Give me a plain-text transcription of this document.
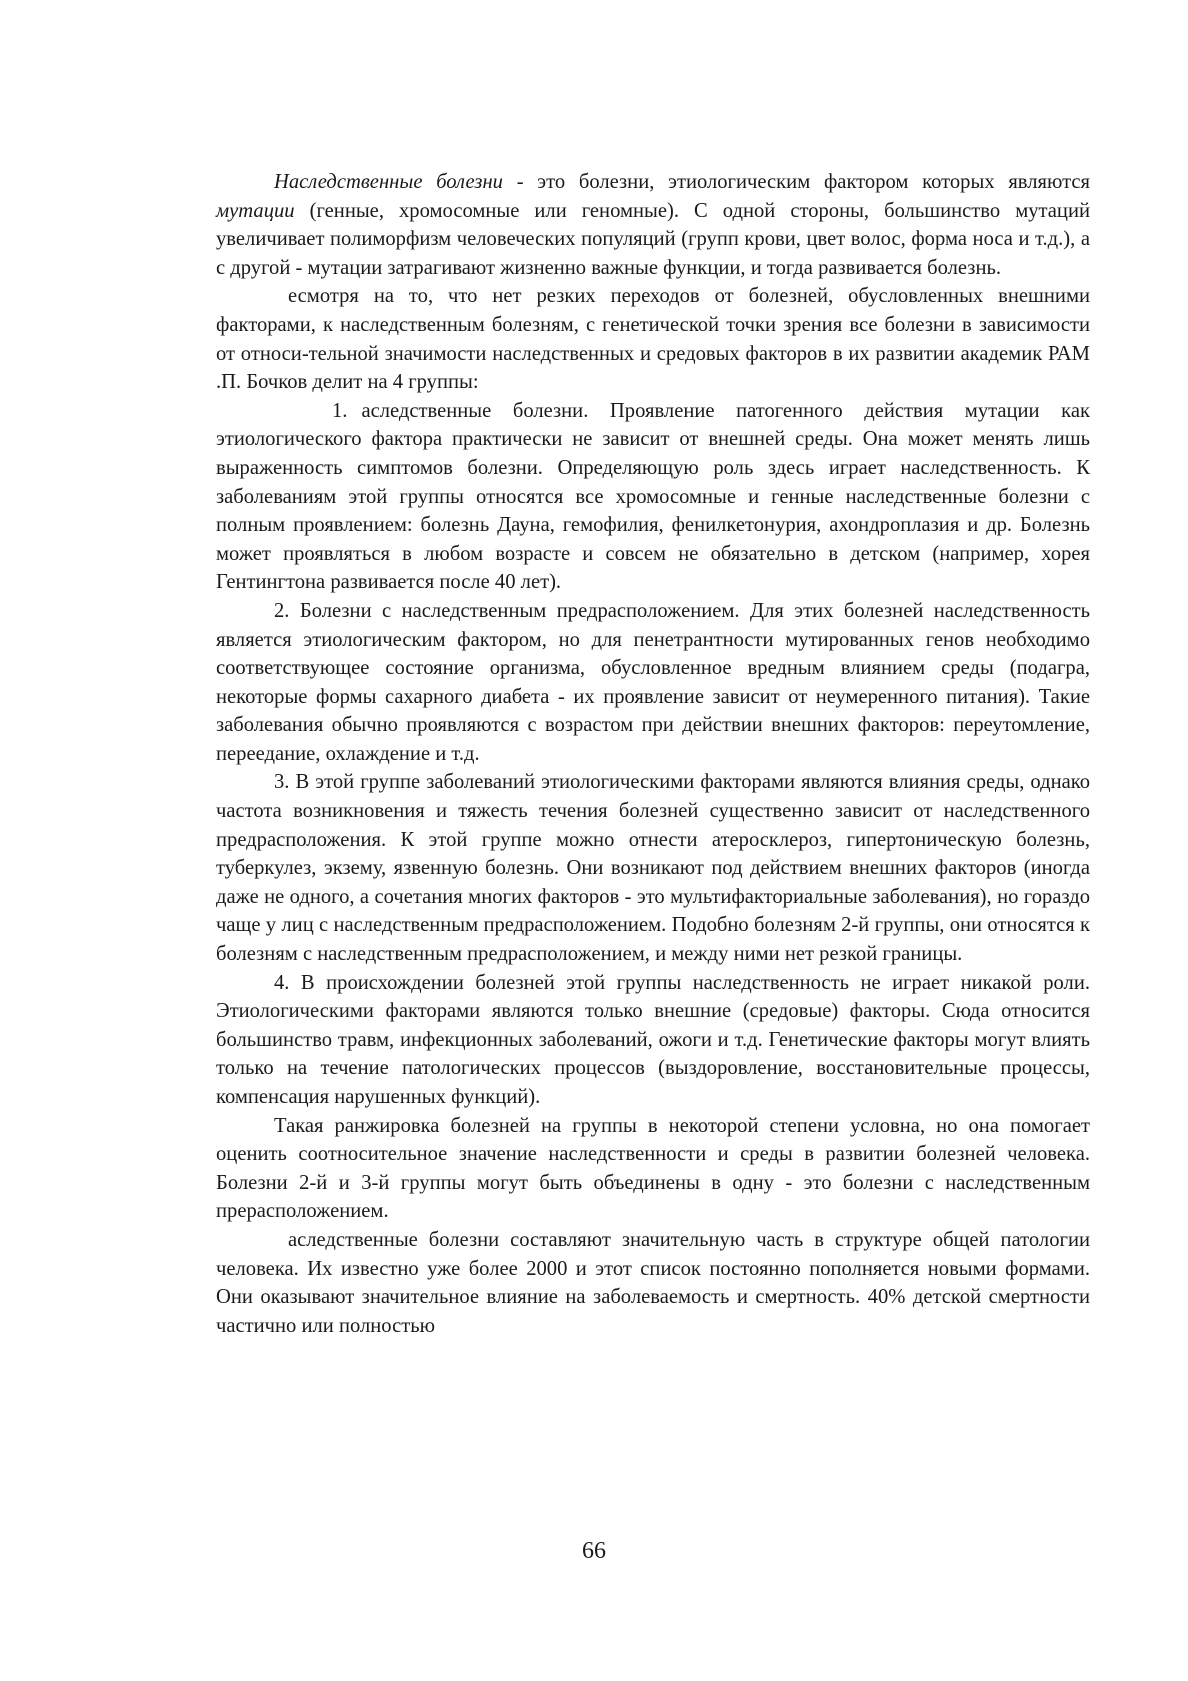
Наследственные болезни - это болезни, этиологическим фактором которых являются мутации (генные, хромосомные или геномные). С одной стороны, большинство мутаций увеличивает полиморфизм человеческих популяций (групп крови, цвет волос, форма носа и т.д.), а с другой - мутации затрагивают жизненно важные функции, и тогда развивается болезнь.

есмотря на то, что нет резких переходов от болезней, обусловленных внешними факторами, к наследственным болезням, с генетической точки зрения все болезни в зависимости от относи-тельной значимости наследственных и средовых факторов в их развитии академик РАМ .П. Бочков делит на 4 группы:

1. аследственные болезни. Проявление патогенного действия мутации как этиологического фактора практически не зависит от внешней среды. Она может менять лишь выраженность симптомов болезни. Определяющую роль здесь играет наследственность. К заболеваниям этой группы относятся все хромосомные и генные наследственные болезни с полным проявлением: болезнь Дауна, гемофилия, фенилкетонурия, ахондроплазия и др. Болезнь может проявляться в любом возрасте и совсем не обязательно в детском (например, хорея Гентингтона развивается после 40 лет).

2. Болезни с наследственным предрасположением. Для этих болезней наследственность является этиологическим фактором, но для пенетрантности мутированных генов необходимо соответствующее состояние организма, обусловленное вредным влиянием среды (подагра, некоторые формы сахарного диабета - их проявление зависит от неумеренного питания). Такие заболевания обычно проявляются с возрастом при действии внешних факторов: переутомление, переедание, охлаждение и т.д.

3. В этой группе заболеваний этиологическими факторами являются влияния среды, однако частота возникновения и тяжесть течения болезней существенно зависит от наследственного предрасположения. К этой группе можно отнести атеросклероз, гипертоническую болезнь, туберкулез, экзему, язвенную болезнь. Они возникают под действием внешних факторов (иногда даже не одного, а сочетания многих факторов - это мультифакториальные заболевания), но гораздо чаще у лиц с наследственным предрасположением. Подобно болезням 2-й группы, они относятся к болезням с наследственным предрасположением, и между ними нет резкой границы.

4. В происхождении болезней этой группы наследственность не играет никакой роли. Этиологическими факторами являются только внешние (средовые) факторы. Сюда относится большинство травм, инфекционных заболеваний, ожоги и т.д. Генетические факторы могут влиять только на течение патологических процессов (выздоровление, восстановительные процессы, компенсация нарушенных функций).

Такая ранжировка болезней на группы в некоторой степени условна, но она помогает оценить соотносительное значение наследственности и среды в развитии болезней человека. Болезни 2-й и 3-й группы могут быть объединены в одну - это болезни с наследственным прерасположением.

аследственные болезни составляют значительную часть в структуре общей патологии человека. Их известно уже более 2000 и этот список постоянно пополняется новыми формами. Они оказывают значительное влияние на заболеваемость и смертность. 40% детской смертности частично или полностью

66
